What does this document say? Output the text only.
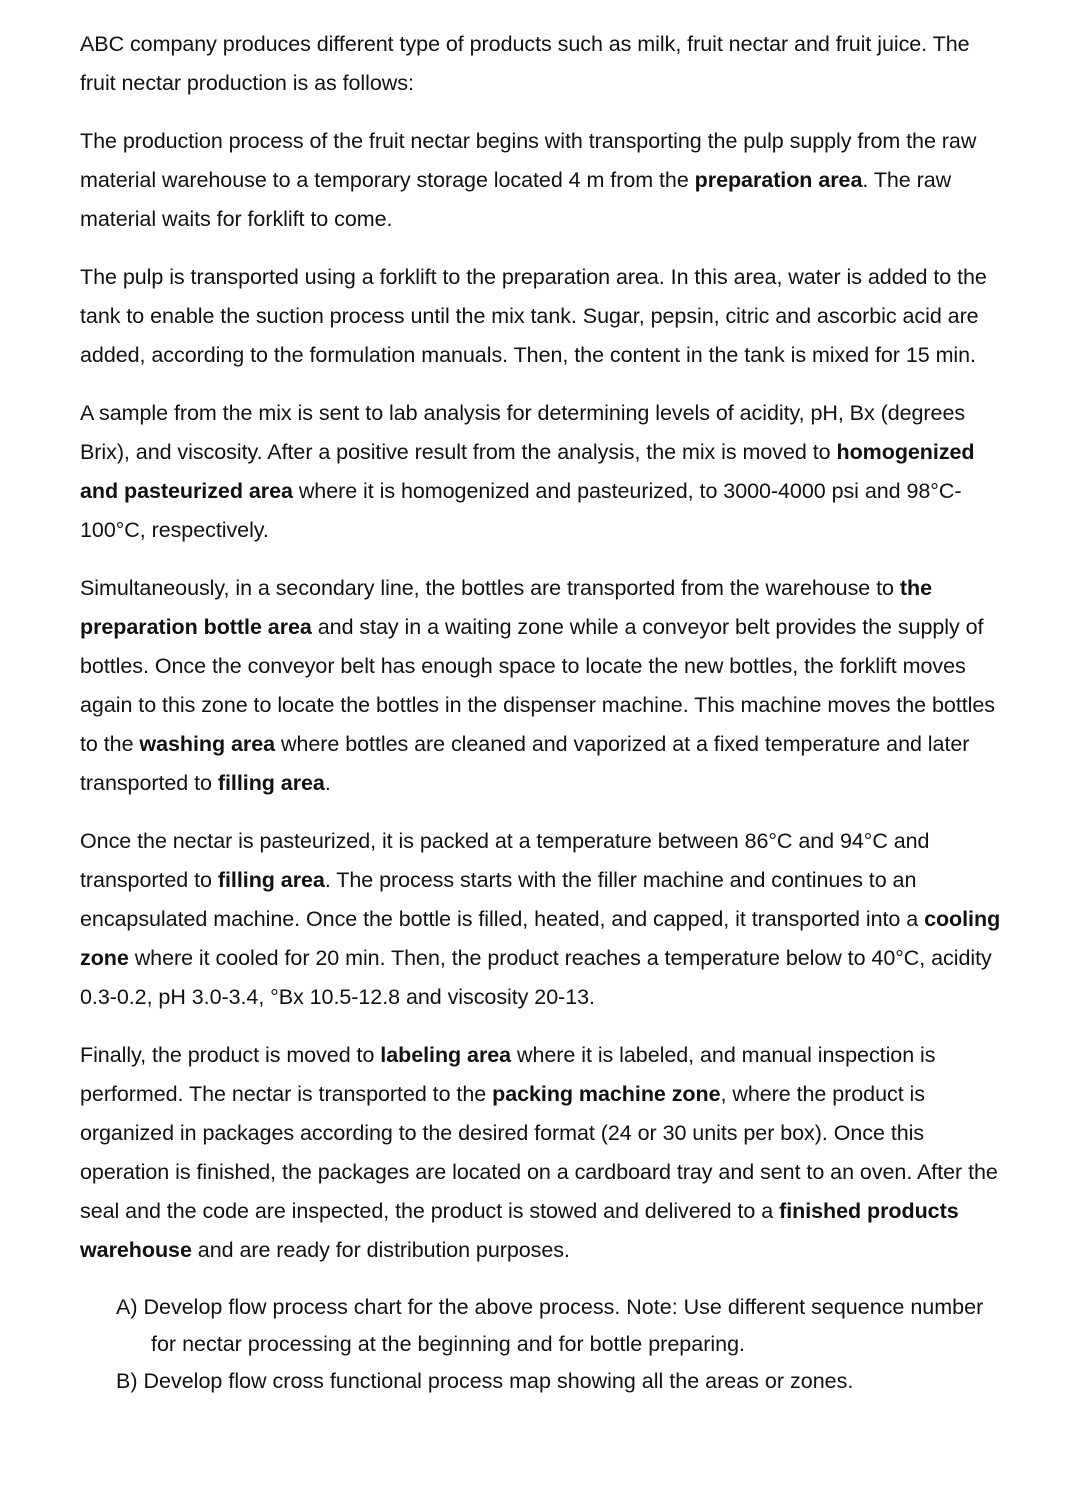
ABC company produces different type of products such as milk, fruit nectar and fruit juice. The fruit nectar production is as follows:

The production process of the fruit nectar begins with transporting the pulp supply from the raw material warehouse to a temporary storage located 4 m from the preparation area. The raw material waits for forklift to come.

The pulp is transported using a forklift to the preparation area. In this area, water is added to the tank to enable the suction process until the mix tank. Sugar, pepsin, citric and ascorbic acid are added, according to the formulation manuals. Then, the content in the tank is mixed for 15 min.

A sample from the mix is sent to lab analysis for determining levels of acidity, pH, Bx (degrees Brix), and viscosity. After a positive result from the analysis, the mix is moved to homogenized and pasteurized area where it is homogenized and pasteurized, to 3000-4000 psi and 98°C-100°C, respectively.

Simultaneously, in a secondary line, the bottles are transported from the warehouse to the preparation bottle area and stay in a waiting zone while a conveyor belt provides the supply of bottles. Once the conveyor belt has enough space to locate the new bottles, the forklift moves again to this zone to locate the bottles in the dispenser machine. This machine moves the bottles to the washing area where bottles are cleaned and vaporized at a fixed temperature and later transported to filling area.

Once the nectar is pasteurized, it is packed at a temperature between 86°C and 94°C and transported to filling area. The process starts with the filler machine and continues to an encapsulated machine. Once the bottle is filled, heated, and capped, it transported into a cooling zone where it cooled for 20 min. Then, the product reaches a temperature below to 40°C, acidity 0.3-0.2, pH 3.0-3.4, °Bx 10.5-12.8 and viscosity 20-13.

Finally, the product is moved to labeling area where it is labeled, and manual inspection is performed. The nectar is transported to the packing machine zone, where the product is organized in packages according to the desired format (24 or 30 units per box). Once this operation is finished, the packages are located on a cardboard tray and sent to an oven. After the seal and the code are inspected, the product is stowed and delivered to a finished products warehouse and are ready for distribution purposes.

A) Develop flow process chart for the above process. Note: Use different sequence number for nectar processing at the beginning and for bottle preparing.
B) Develop flow cross functional process map showing all the areas or zones.
